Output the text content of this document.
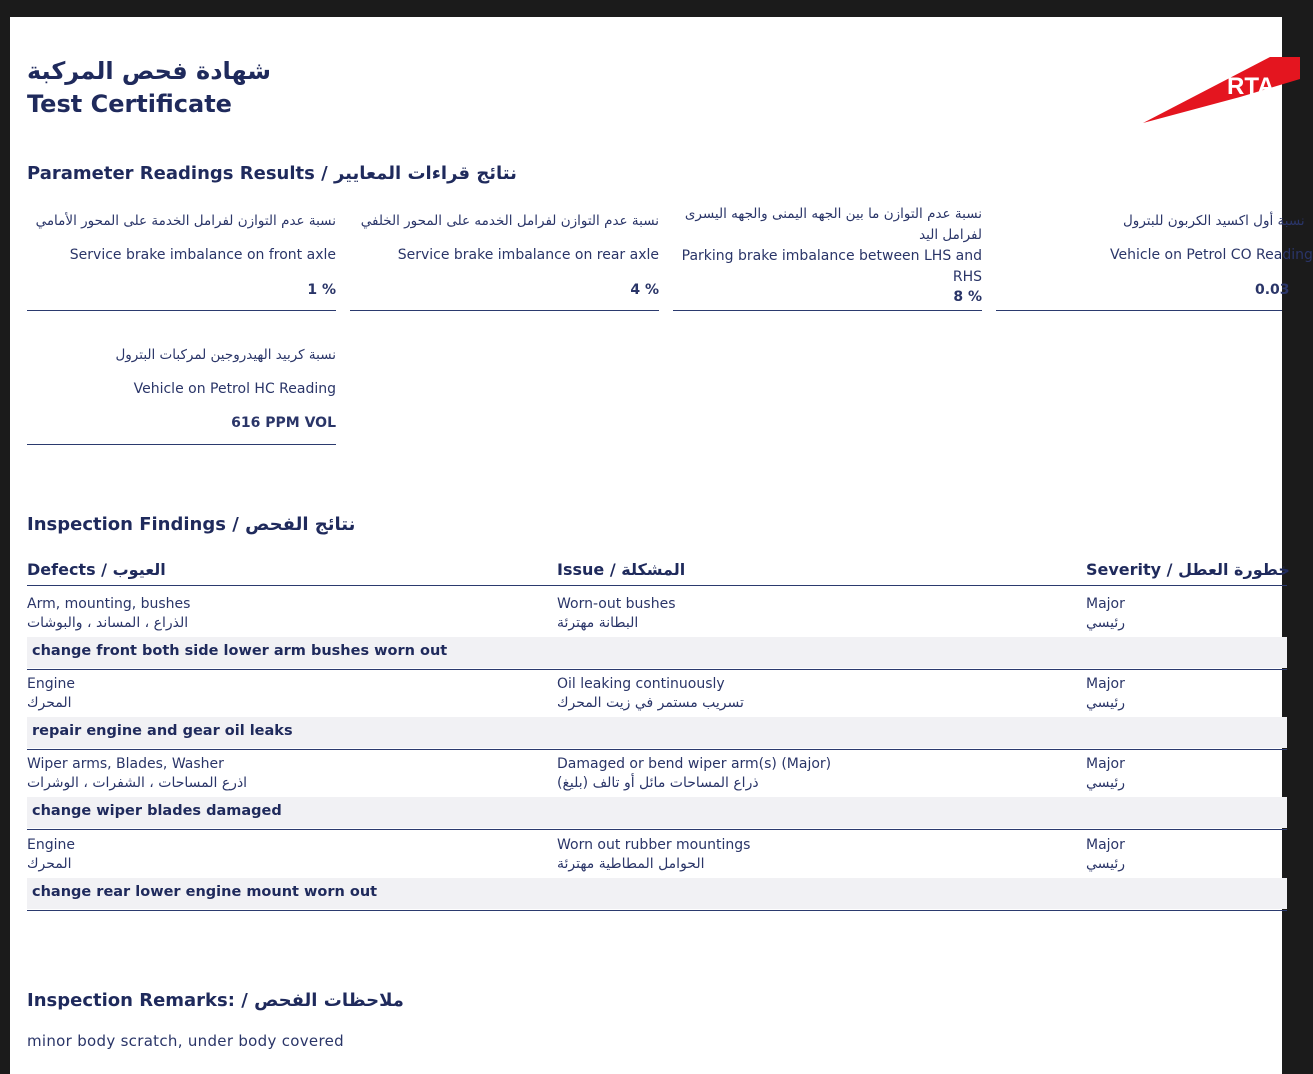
شهادة فحص المركبة
Test Certificate
RTA
Parameter Readings Results / نتائج قراءات المعايير
نسبة عدم التوازن لفرامل الخدمة على المحور الأمامي
Service brake imbalance on front axle
1 %
نسبة عدم التوازن لفرامل الخدمه على المحور الخلفي
Service brake imbalance on rear axle
4 %
نسبة عدم التوازن ما بين الجهه اليمنى والجهه اليسرى لفرامل اليد
Parking brake imbalance between LHS and RHS
8 %
نسبة أول اكسيد الكربون للبترول
Vehicle on Petrol CO Reading
0.03
نسبة كربيد الهيدروجين لمركبات البترول
Vehicle on Petrol HC Reading
616 PPM VOL
Inspection Findings / نتائج الفحص
Defects / العيوب	Issue / المشكلة	Severity / خطورة العطل
Arm, mounting, bushes
الذراع ، المساند ، والبوشات
Worn-out bushes
البطانة مهترئة
Major
رئيسي
change front both side lower arm bushes worn out
Engine
المحرك
Oil leaking continuously
تسريب مستمر في زيت المحرك
Major
رئيسي
repair engine and gear oil leaks
Wiper arms, Blades, Washer
اذرع المساحات ، الشفرات ، الوشرات
Damaged or bend wiper arm(s) (Major)
ذراع المساحات مائل أو تالف (بليغ)
Major
رئيسي
change wiper blades damaged
Engine
المحرك
Worn out rubber mountings
الحوامل المطاطية مهترئة
Major
رئيسي
change rear lower engine mount worn out
Inspection Remarks: / ملاحظات الفحص
minor body scratch, under body covered
